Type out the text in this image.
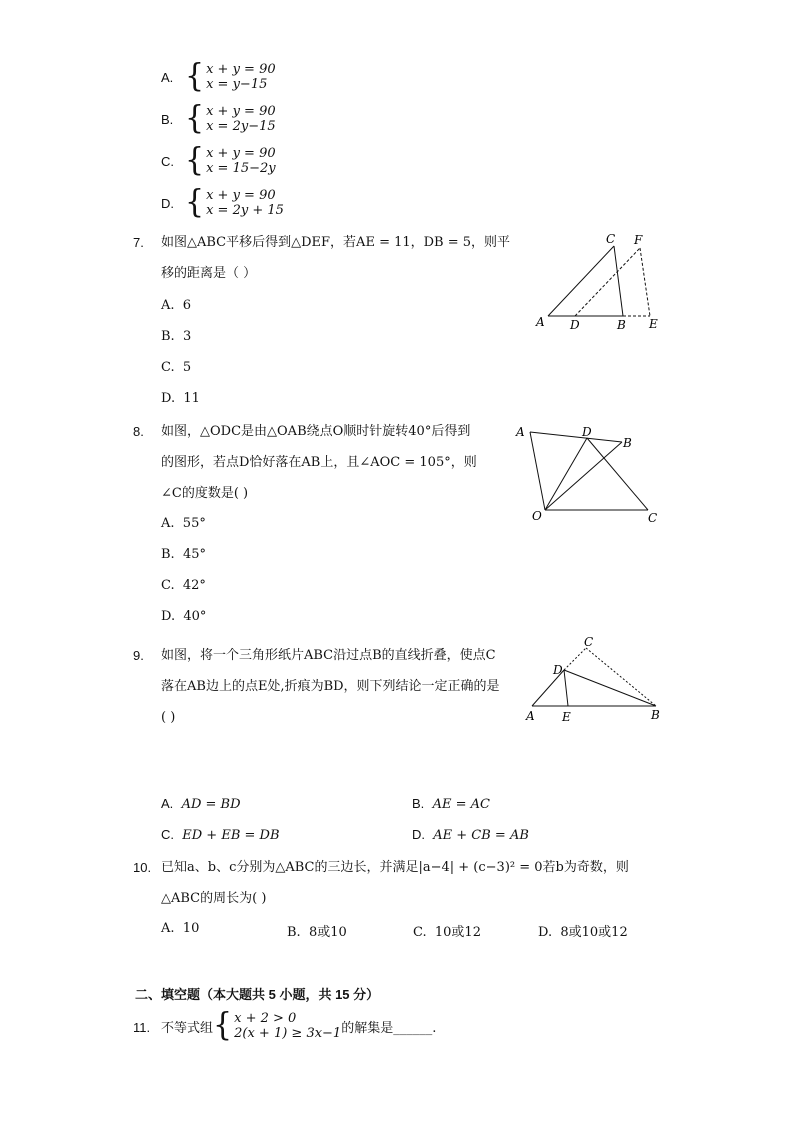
A. { x + y = 90
x = y−15
B. { x + y = 90
x = 2y−15
C. { x + y = 90
x = 15−2y
D. { x + y = 90
x = 2y + 15
7. 如图△ABC平移后得到△DEF，若AE = 11，DB = 5，则平
移的距离是（ ）
A. 6
B. 3
C. 5
D. 11
A D	B E
C F
8. 如图，△ODC是由△OAB绕点O顺时针旋转40°后得到
的图形，若点D恰好落在AB上，且∠AOC = 105°，则
∠C的度数是( )
A. 55°
B. 45°
C. 42°
D. 40°
A	D
B
O	C
9. 如图，将一个三角形纸片ABC沿过点B的直线折叠，使点C
落在AB边上的点E处,折痕为BD，则下列结论一定正确的是
( )	A E	B
D
C
A. AD = BD	B. AE = AC
C. ED + EB = DB	D. AE + CB = AB
10. 已知a、b、c分别为△ABC的三边长，并满足|a−4| + (c−3)² = 0若b为奇数，则
△ABC的周长为( )
A. 10	B. 8或10	C. 10或12	D. 8或10或12
二、填空题（本大题共 5 小题，共 15 分）
11. 不等式组 { x + 2 > 0
2(x + 1) ≥ 3x−1 的解集是______.
